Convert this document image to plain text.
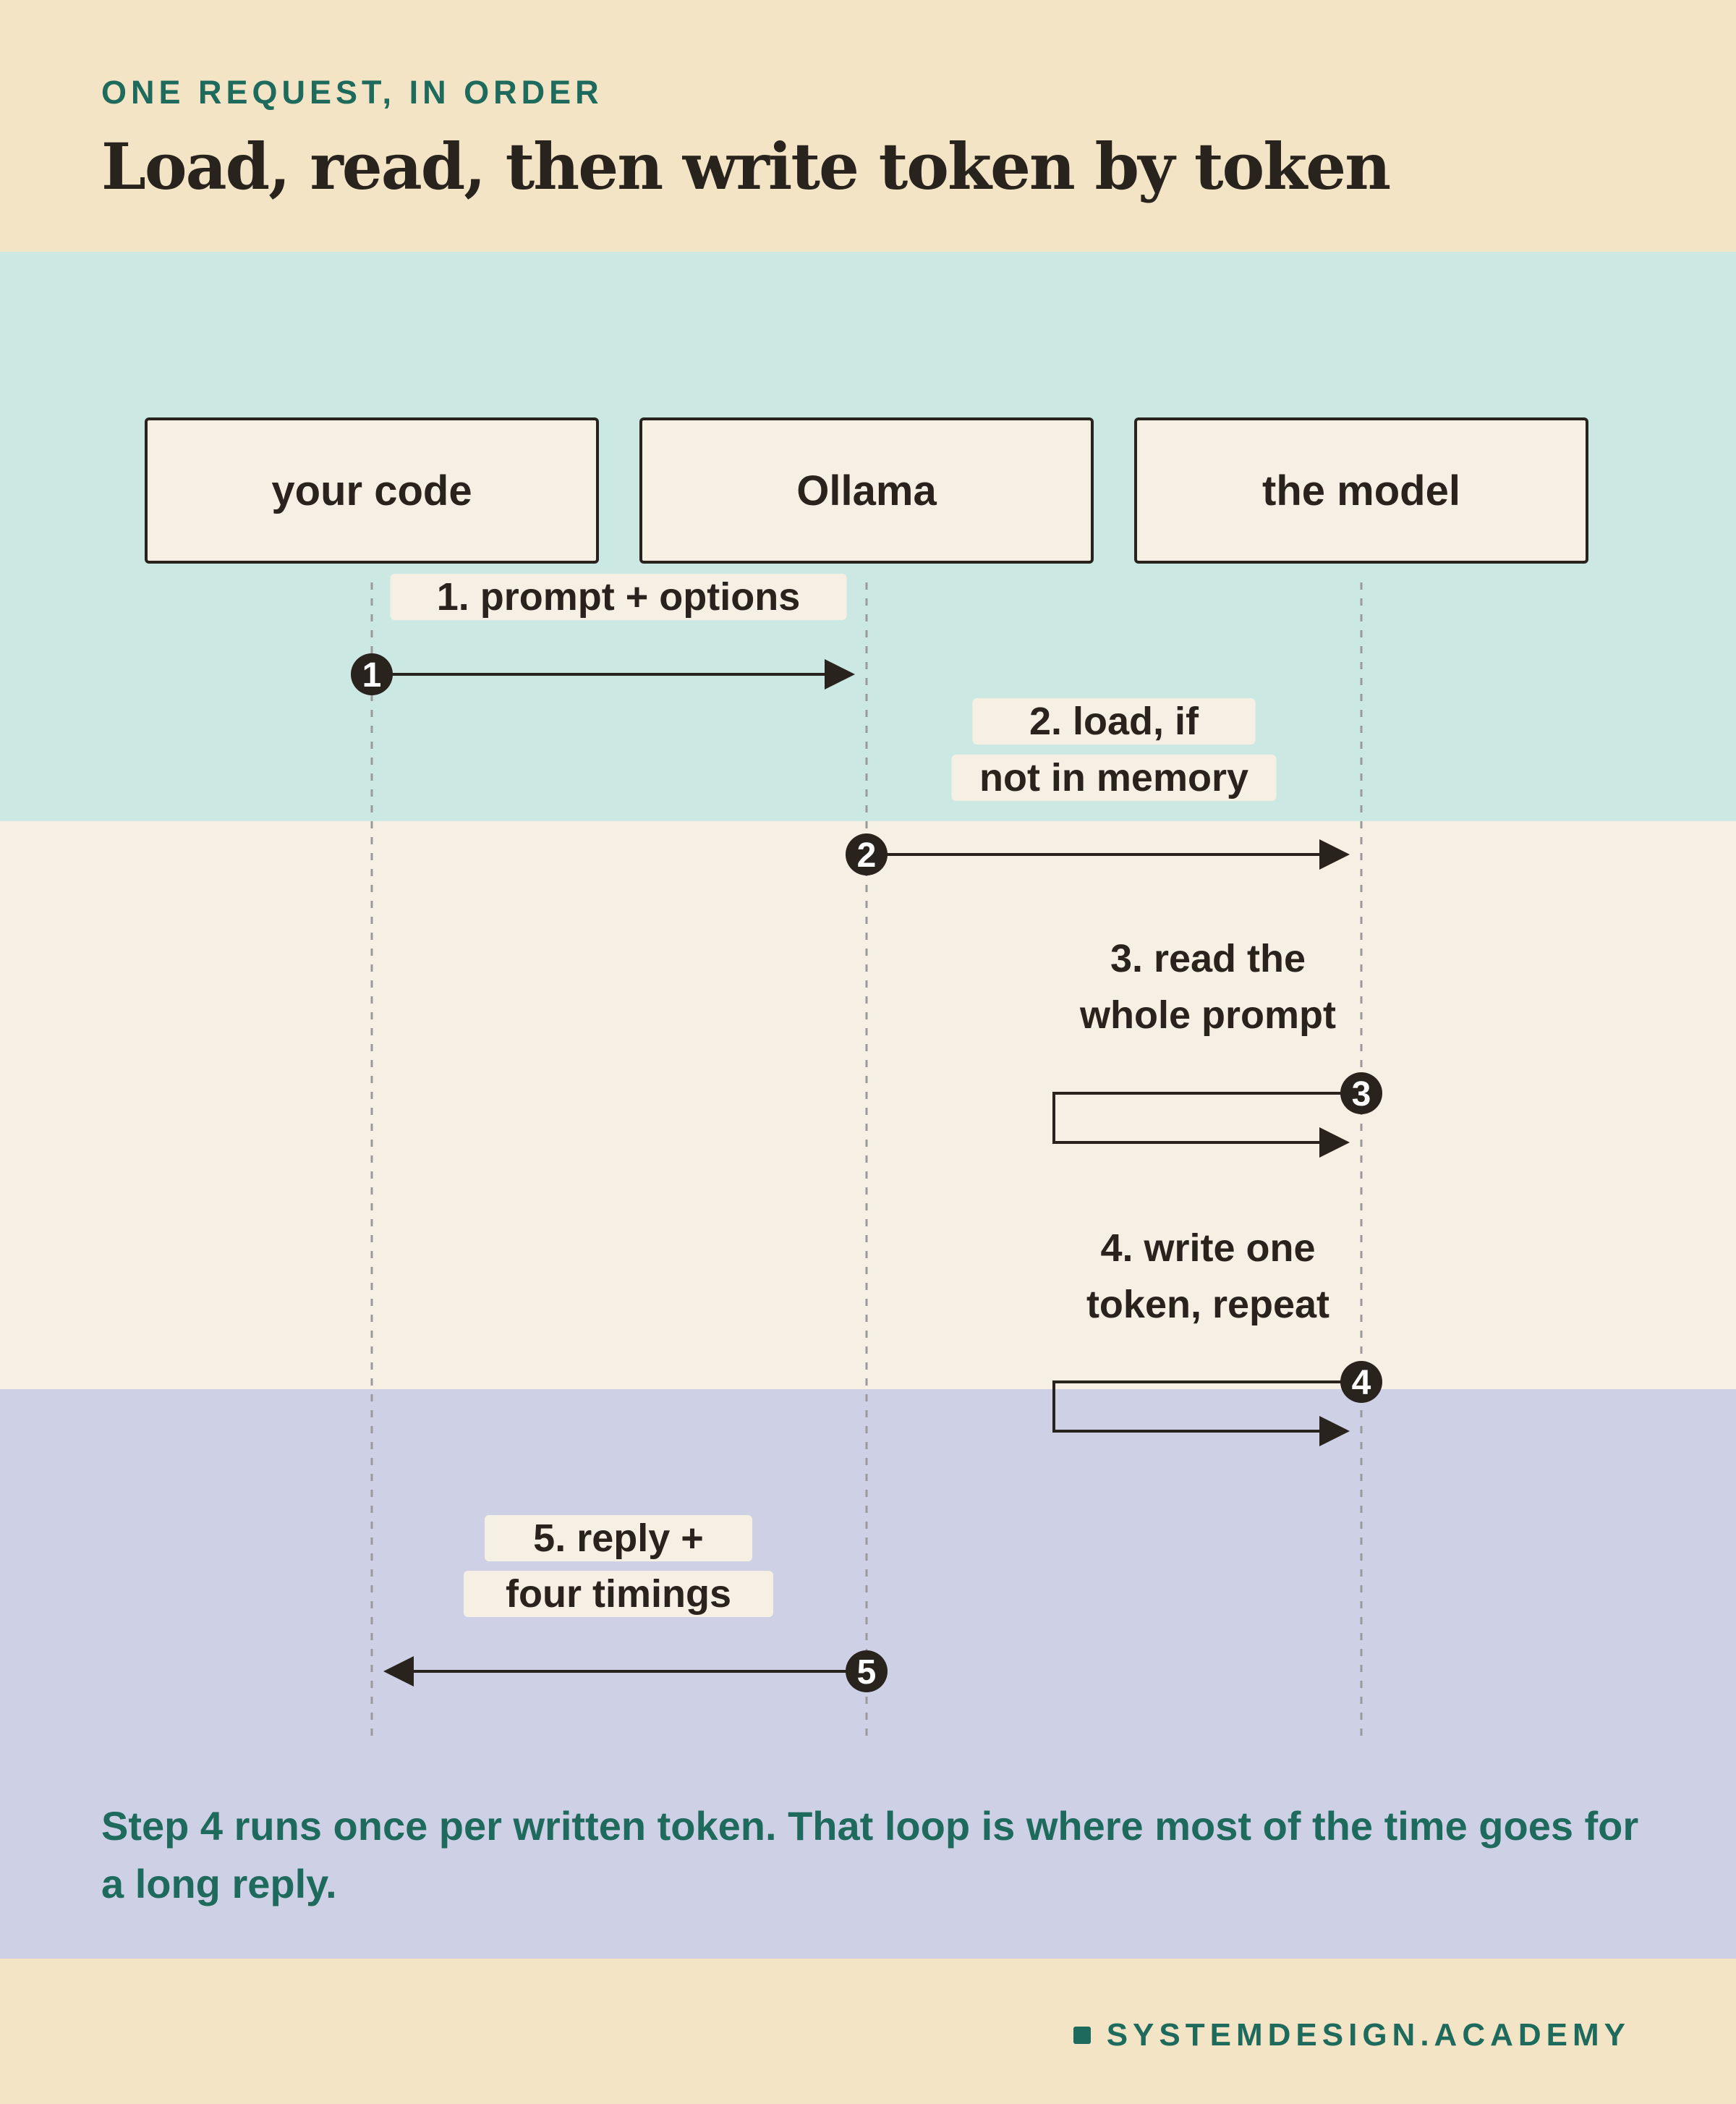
ONE REQUEST, IN ORDER
Load, read, then write token by token
your code	Ollama	the model
1. prompt + options
1
2. load, if
not in memory
2
3. read the
whole prompt
3
4. write one
token, repeat
4
5. reply +
four timings
5
Step 4 runs once per written token. That loop is where most of the time goes for a long reply.
SYSTEMDESIGN.ACADEMY
